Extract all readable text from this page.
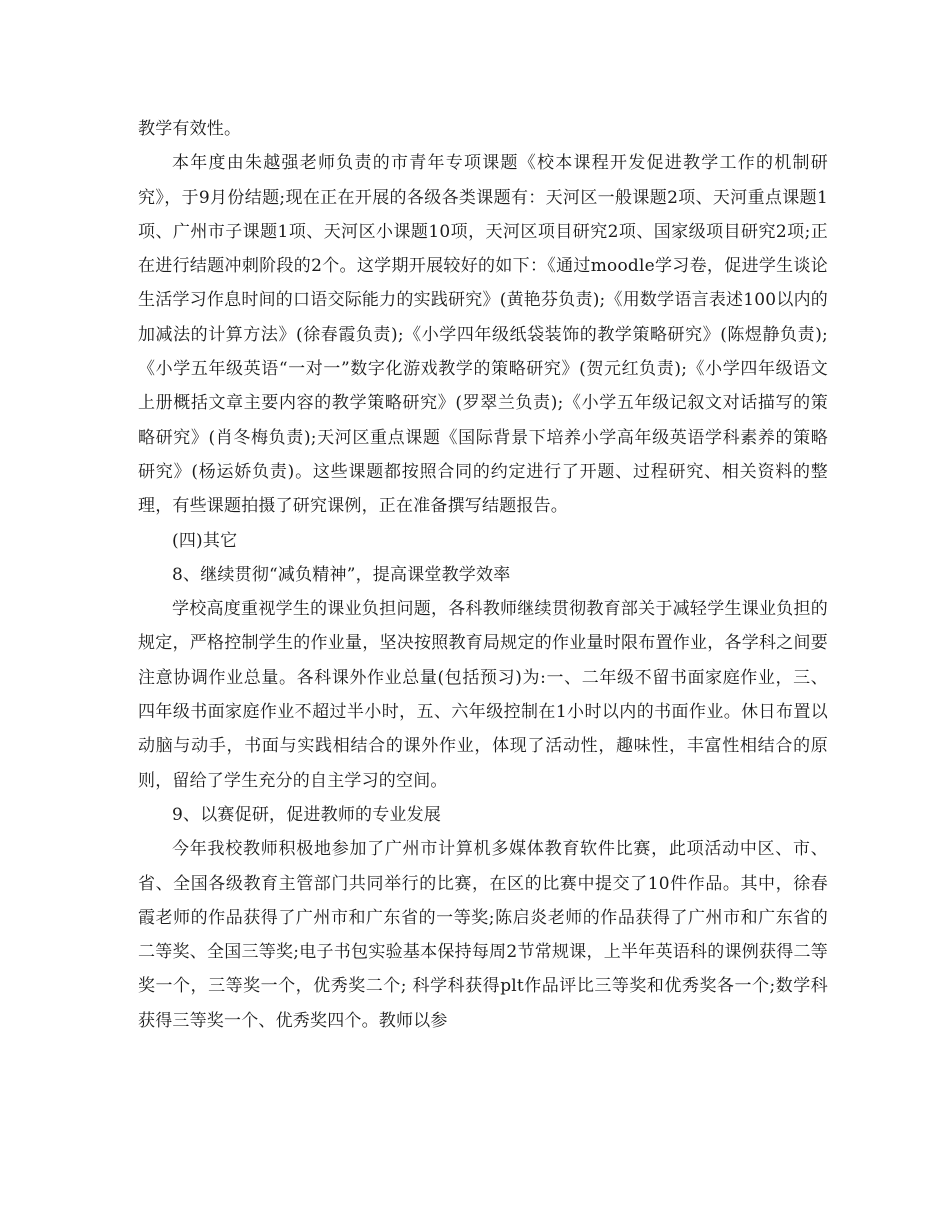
教学有效性。

本年度由朱越强老师负责的市青年专项课题《校本课程开发促进教学工作的机制研究》，于9月份结题;现在正在开展的各级各类课题有：天河区一般课题2项、天河重点课题1项、广州市子课题1项、天河区小课题10项，天河区项目研究2项、国家级项目研究2项;正在进行结题冲刺阶段的2个。这学期开展较好的如下：《通过moodle学习卷，促进学生谈论生活学习作息时间的口语交际能力的实践研究》(黄艳芬负责);《用数学语言表述100以内的加减法的计算方法》(徐春霞负责);《小学四年级纸袋装饰的教学策略研究》(陈煜静负责);《小学五年级英语“一对一”数字化游戏教学的策略研究》(贺元红负责);《小学四年级语文上册概括文章主要内容的教学策略研究》(罗翠兰负责);《小学五年级记叙文对话描写的策略研究》(肖冬梅负责);天河区重点课题《国际背景下培养小学高年级英语学科素养的策略研究》(杨运娇负责)。这些课题都按照合同的约定进行了开题、过程研究、相关资料的整理，有些课题拍摄了研究课例，正在准备撰写结题报告。

(四)其它

8、继续贯彻“减负精神”，提高课堂教学效率

学校高度重视学生的课业负担问题，各科教师继续贯彻教育部关于减轻学生课业负担的规定，严格控制学生的作业量，坚决按照教育局规定的作业量时限布置作业，各学科之间要注意协调作业总量。各科课外作业总量(包括预习)为:一、二年级不留书面家庭作业，三、四年级书面家庭作业不超过半小时，五、六年级控制在1小时以内的书面作业。休日布置以动脑与动手，书面与实践相结合的课外作业，体现了活动性，趣味性，丰富性相结合的原则，留给了学生充分的自主学习的空间。

9、以赛促研，促进教师的专业发展

今年我校教师积极地参加了广州市计算机多媒体教育软件比赛，此项活动中区、市、省、全国各级教育主管部门共同举行的比赛，在区的比赛中提交了10件作品。其中，徐春霞老师的作品获得了广州市和广东省的一等奖;陈启炎老师的作品获得了广州市和广东省的二等奖、全国三等奖;电子书包实验基本保持每周2节常规课，上半年英语科的课例获得二等奖一个，三等奖一个，优秀奖二个; 科学科获得plt作品评比三等奖和优秀奖各一个;数学科获得三等奖一个、优秀奖四个。教师以参
